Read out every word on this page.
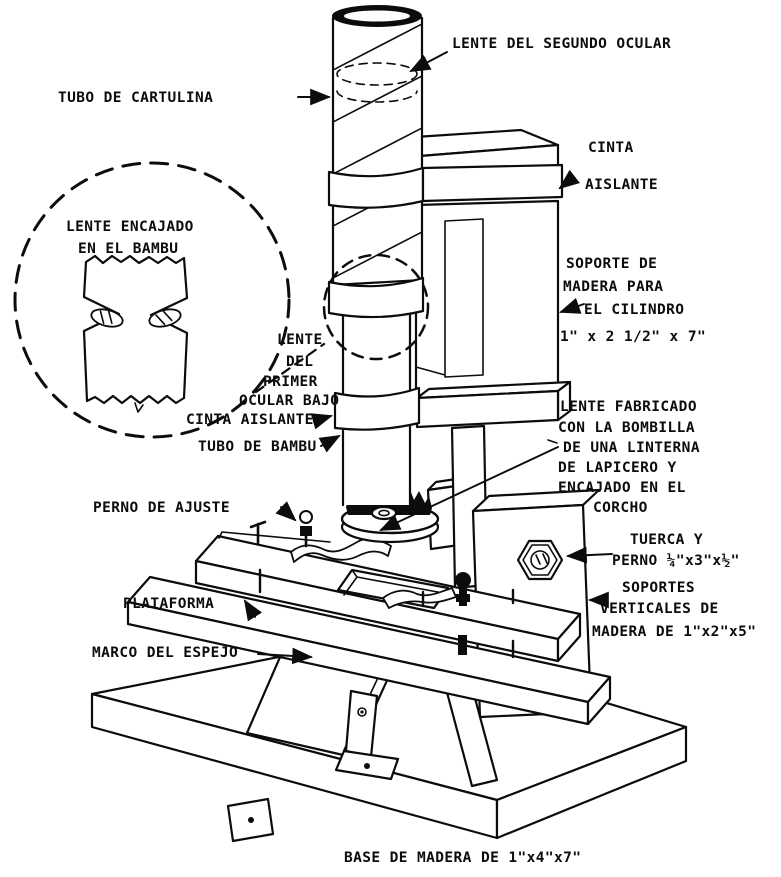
LENTE DEL SEGUNDO OCULAR
TUBO DE CARTULINA
CINTA
AISLANTE
SOPORTE DE
MADERA PARA
EL CILINDRO
1" x 2 1/2" x 7"
LENTE ENCAJADO
EN EL BAMBU
LENTE
DEL
PRIMER
OCULAR BAJO
CINTA AISLANTE
TUBO DE BAMBU
LENTE FABRICADO
CON LA BOMBILLA
DE UNA LINTERNA
DE LAPICERO Y
ENCAJADO EN EL
CORCHO
PERNO DE AJUSTE
TUERCA Y
PERNO ¼"x3"x½"
SOPORTES
VERTICALES DE
MADERA DE 1"x2"x5"
PLATAFORMA
MARCO DEL ESPEJO
BASE DE MADERA DE 1"x4"x7"
